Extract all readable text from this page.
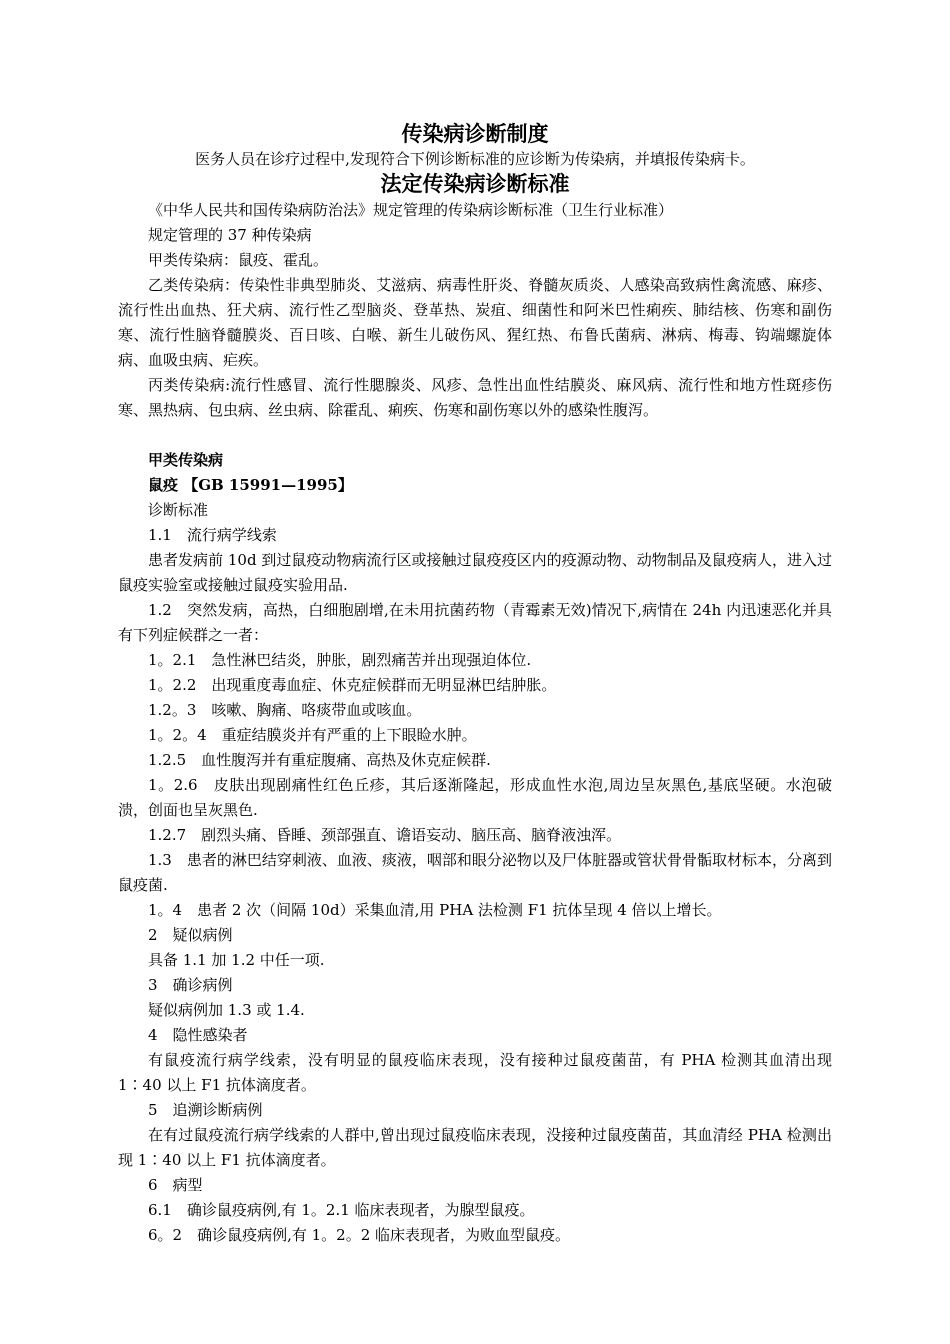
传染病诊断制度
医务人员在诊疗过程中,发现符合下例诊断标准的应诊断为传染病，并填报传染病卡。
法定传染病诊断标准

《中华人民共和国传染病防治法》规定管理的传染病诊断标准（卫生行业标准）

规定管理的 37 种传染病

甲类传染病：鼠疫、霍乱。

乙类传染病：传染性非典型肺炎、艾滋病、病毒性肝炎、脊髓灰质炎、人感染高致病性禽流感、麻疹、流行性出血热、狂犬病、流行性乙型脑炎、登革热、炭疽、细菌性和阿米巴性痢疾、肺结核、伤寒和副伤寒、流行性脑脊髓膜炎、百日咳、白喉、新生儿破伤风、猩红热、布鲁氏菌病、淋病、梅毒、钩端螺旋体病、血吸虫病、疟疾。

丙类传染病:流行性感冒、流行性腮腺炎、风疹、急性出血性结膜炎、麻风病、流行性和地方性斑疹伤寒、黑热病、包虫病、丝虫病、除霍乱、痢疾、伤寒和副伤寒以外的感染性腹泻。

甲类传染病

鼠疫 【GB 15991—1995】

诊断标准

1.1　流行病学线索

患者发病前 10d 到过鼠疫动物病流行区或接触过鼠疫疫区内的疫源动物、动物制品及鼠疫病人，进入过鼠疫实验室或接触过鼠疫实验用品.

1.2　突然发病，高热，白细胞剧增,在未用抗菌药物（青霉素无效)情况下,病情在 24h 内迅速恶化并具有下列症候群之一者：

1。2.1　急性淋巴结炎，肿胀，剧烈痛苦并出现强迫体位.

1。2.2　出现重度毒血症、休克症候群而无明显淋巴结肿胀。

1.2。3　咳嗽、胸痛、咯痰带血或咳血。

1。2。4　重症结膜炎并有严重的上下眼睑水肿。

1.2.5　血性腹泻并有重症腹痛、高热及休克症候群.

1。2.6　皮肤出现剧痛性红色丘疹，其后逐渐隆起，形成血性水泡,周边呈灰黑色,基底坚硬。水泡破溃，创面也呈灰黑色.

1.2.7　剧烈头痛、昏睡、颈部强直、谵语妄动、脑压高、脑脊液浊浑。

1.3　患者的淋巴结穿刺液、血液、痰液，咽部和眼分泌物以及尸体脏器或管状骨骨骺取材标本，分离到鼠疫菌.

1。4　患者 2 次（间隔 10d）采集血清,用 PHA 法检测 F1 抗体呈现 4 倍以上增长。

2　疑似病例

具备 1.1 加 1.2 中任一项.

3　确诊病例

疑似病例加 1.3 或 1.4.

4　隐性感染者

有鼠疫流行病学线索，没有明显的鼠疫临床表现，没有接种过鼠疫菌苗，有 PHA 检测其血清出现 1∶40 以上 F1 抗体滴度者。

5　追溯诊断病例

在有过鼠疫流行病学线索的人群中,曾出现过鼠疫临床表现，没接种过鼠疫菌苗，其血清经 PHA 检测出现 1∶40 以上 F1 抗体滴度者。

6　病型

6.1　确诊鼠疫病例,有 1。2.1 临床表现者，为腺型鼠疫。

6。2　确诊鼠疫病例,有 1。2。2 临床表现者，为败血型鼠疫。
